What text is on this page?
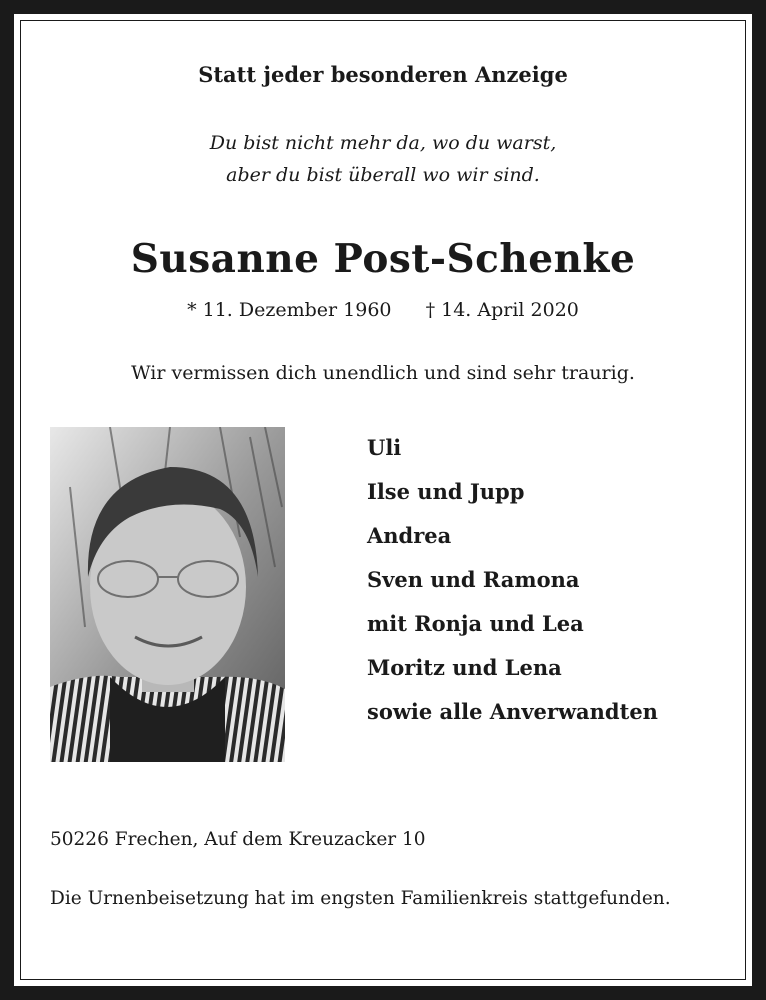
Statt jeder besonderen Anzeige
Du bist nicht mehr da, wo du warst,
aber du bist überall wo wir sind.
Susanne Post-Schenke
* 11. Dezember 1960 † 14. April 2020
Wir vermissen dich unendlich und sind sehr traurig.
Uli
Ilse und Jupp
Andrea
Sven und Ramona
mit Ronja und Lea
Moritz und Lena
sowie alle Anverwandten
50226 Frechen, Auf dem Kreuzacker 10
Die Urnenbeisetzung hat im engsten Familienkreis stattgefunden.
